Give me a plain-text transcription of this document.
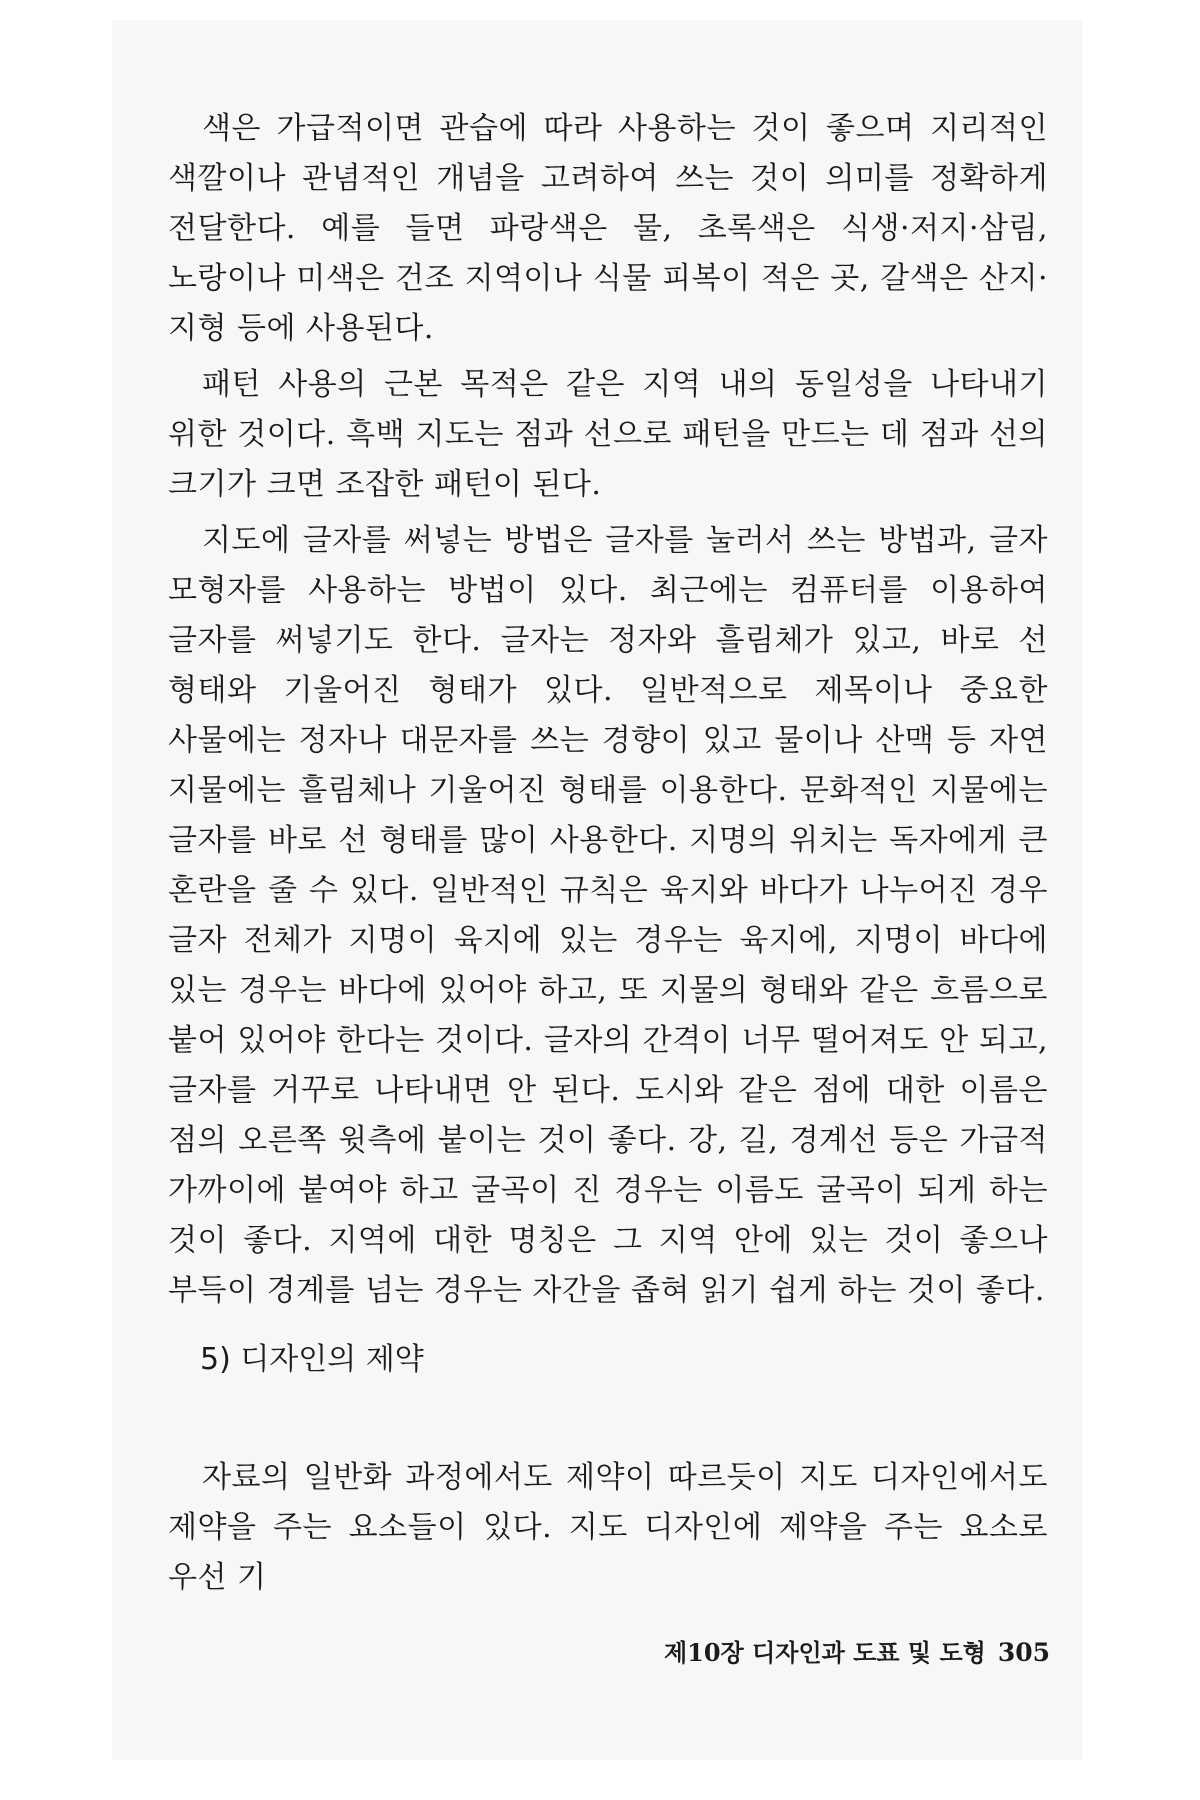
색은 가급적이면 관습에 따라 사용하는 것이 좋으며 지리적인 색깔이나 관념적인 개념을 고려하여 쓰는 것이 의미를 정확하게 전달한다. 예를 들면 파랑색은 물, 초록색은 식생·저지·삼림, 노랑이나 미색은 건조 지역이나 식물 피복이 적은 곳, 갈색은 산지·지형 등에 사용된다.

패턴 사용의 근본 목적은 같은 지역 내의 동일성을 나타내기 위한 것이다. 흑백 지도는 점과 선으로 패턴을 만드는 데 점과 선의 크기가 크면 조잡한 패턴이 된다.

지도에 글자를 써넣는 방법은 글자를 눌러서 쓰는 방법과, 글자 모형자를 사용하는 방법이 있다. 최근에는 컴퓨터를 이용하여 글자를 써넣기도 한다. 글자는 정자와 흘림체가 있고, 바로 선 형태와 기울어진 형태가 있다. 일반적으로 제목이나 중요한 사물에는 정자나 대문자를 쓰는 경향이 있고 물이나 산맥 등 자연 지물에는 흘림체나 기울어진 형태를 이용한다. 문화적인 지물에는 글자를 바로 선 형태를 많이 사용한다. 지명의 위치는 독자에게 큰 혼란을 줄 수 있다. 일반적인 규칙은 육지와 바다가 나누어진 경우 글자 전체가 지명이 육지에 있는 경우는 육지에, 지명이 바다에 있는 경우는 바다에 있어야 하고, 또 지물의 형태와 같은 흐름으로 붙어 있어야 한다는 것이다. 글자의 간격이 너무 떨어져도 안 되고, 글자를 거꾸로 나타내면 안 된다. 도시와 같은 점에 대한 이름은 점의 오른쪽 윗측에 붙이는 것이 좋다. 강, 길, 경계선 등은 가급적 가까이에 붙여야 하고 굴곡이 진 경우는 이름도 굴곡이 되게 하는 것이 좋다. 지역에 대한 명칭은 그 지역 안에 있는 것이 좋으나 부득이 경계를 넘는 경우는 자간을 좁혀 읽기 쉽게 하는 것이 좋다.

5) 디자인의 제약

자료의 일반화 과정에서도 제약이 따르듯이 지도 디자인에서도 제약을 주는 요소들이 있다. 지도 디자인에 제약을 주는 요소로 우선 기

제10장 디자인과 도표 및 도형 305
